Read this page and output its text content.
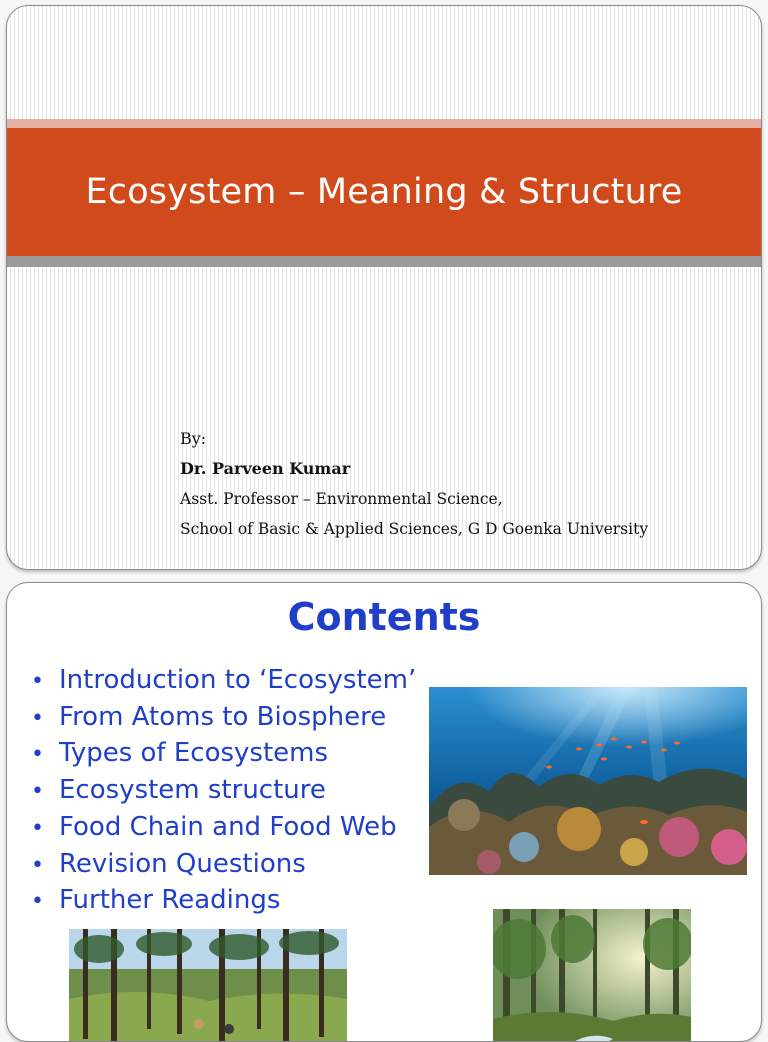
Ecosystem – Meaning & Structure
By:
Dr. Parveen Kumar
Asst. Professor – Environmental Science,
School of Basic & Applied Sciences, G D Goenka University
Contents
• Introduction to ‘Ecosystem’
• From Atoms to Biosphere
• Types of Ecosystems
• Ecosystem structure
• Food Chain and Food Web
• Revision Questions
• Further Readings
